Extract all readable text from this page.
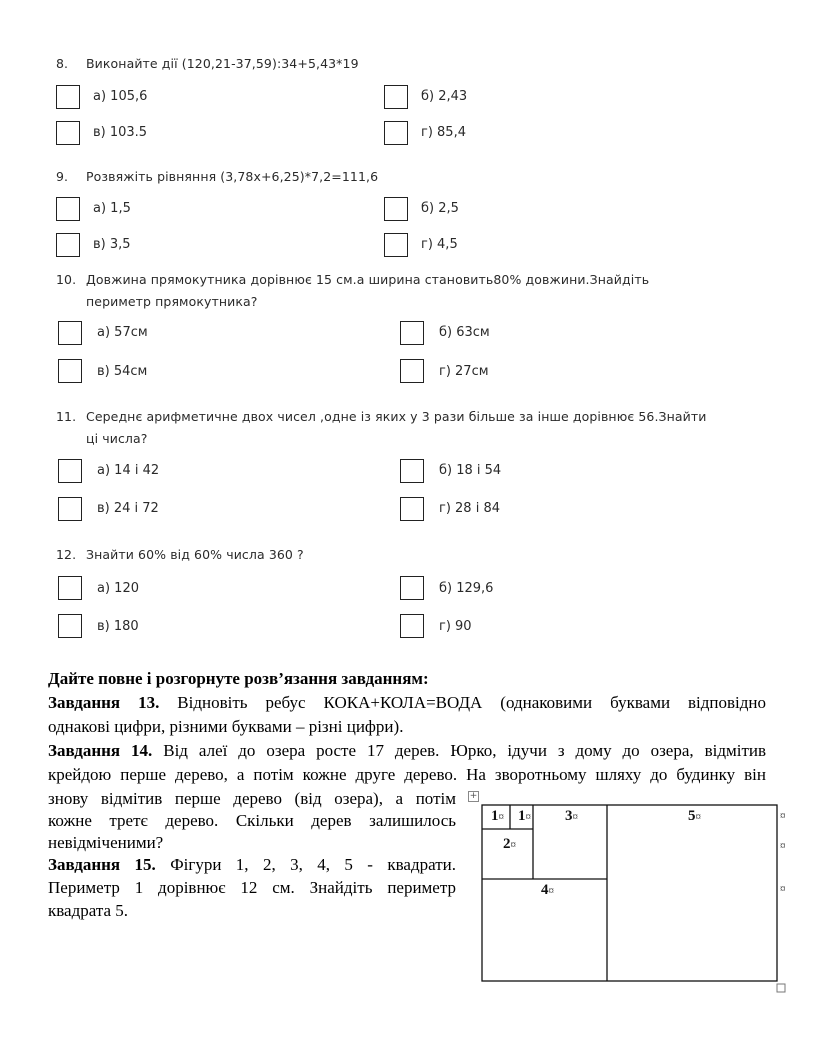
8. Виконайте дії (120,21-37,59):34+5,43*19
а) 105,6	б) 2,43
в) 103.5	г) 85,4
9. Розвяжіть рівняння (3,78х+6,25)*7,2=111,6
а) 1,5	б) 2,5
в) 3,5	г) 4,5
10. Довжина прямокутника дорівнює 15 см.а ширина становить80% довжини.Знайдіть
периметр прямокутника?
а) 57см	б) 63см
в) 54см	г) 27см
11. Середнє арифметичне двох чисел ,одне із яких у 3 рази більше за інше дорівнює 56.Знайти
ці числа?
а) 14 і 42	б) 18 і 54
в) 24 і 72	г) 28 і 84
12. Знайти 60% від 60% числа 360 ?
а) 120	б) 129,6
в) 180	г) 90
Дайте повне і розгорнуте розв’язання завданням:
Завдання 13. Відновіть ребус КОКА+КОЛА=ВОДА (однаковими буквами відповідно
однакові цифри, різними буквами – різні цифри).
Завдання 14. Від алеї до озера росте 17 дерев. Юрко, ідучи з дому до озера, відмітив
крейдою перше дерево, а потім кожне друге дерево. На зворотньому шляху до будинку він
знову відмітив перше дерево (від озера), а потім
кожне третє дерево. Скільки дерев залишилось
невідміченими?
Завдання 15. Фігури 1, 2, 3, 4, 5 - квадрати.
Периметр 1 дорівнює 12 см. Знайдіть периметр
квадрата 5.
+
1¤ 1¤
2¤
3¤
4¤
5¤	¤
¤
¤
